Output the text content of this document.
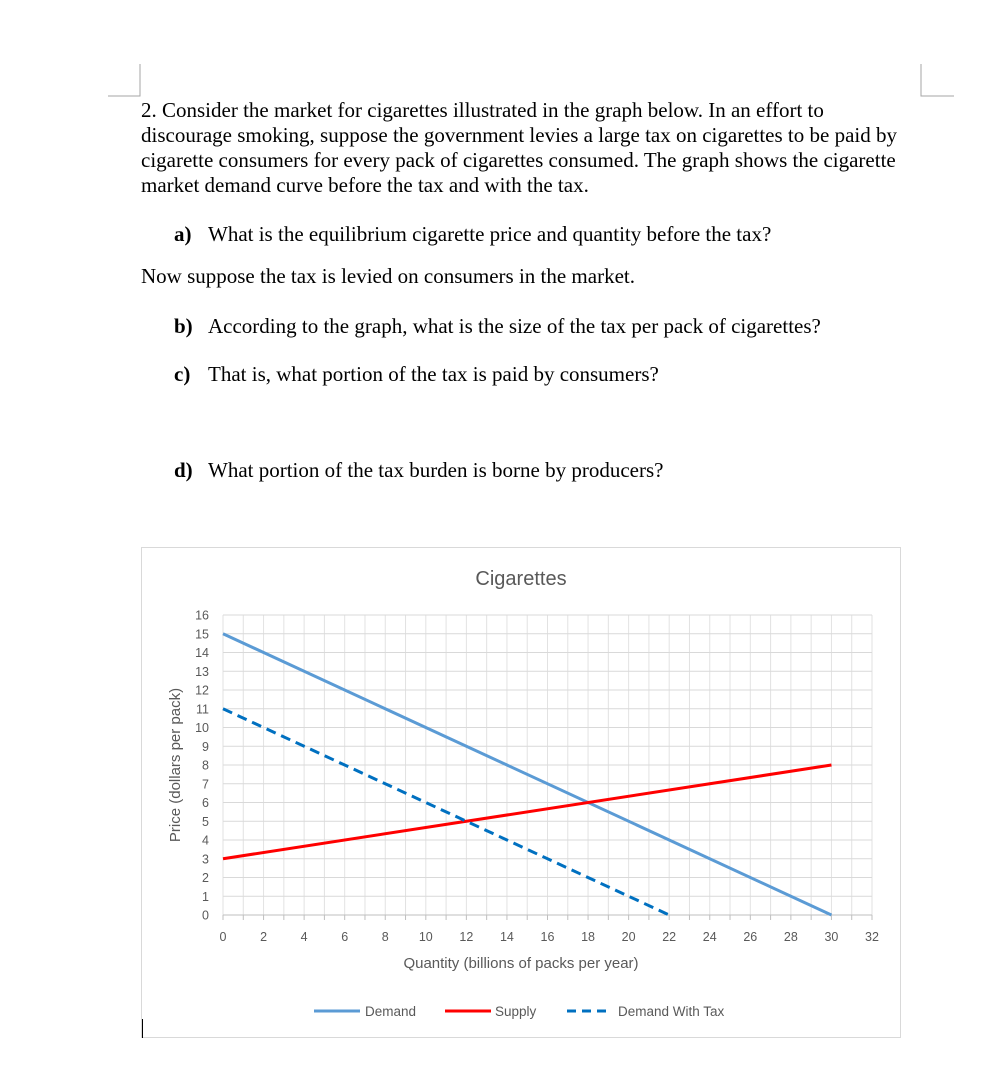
2. Consider the market for cigarettes illustrated in the graph below. In an effort to discourage smoking, suppose the government levies a large tax on cigarettes to be paid by cigarette consumers for every pack of cigarettes consumed. The graph shows the cigarette market demand curve before the tax and with the tax.

a) What is the equilibrium cigarette price and quantity before the tax?

Now suppose the tax is levied on consumers in the market.

b) According to the graph, what is the size of the tax per pack of cigarettes?

c) That is, what portion of the tax is paid by consumers?

d) What portion of the tax burden is borne by producers?

Cigarettes
0
1
2
3
4
5
6
7
8
9
10
11
12
13
14
15
16
0	2	4	6	8 10 12 14 16 18 20 22 24 26 28 30 32
Quantity (billions of packs per year)
Price (dollars per pack)
Demand	Supply	Demand With Tax
